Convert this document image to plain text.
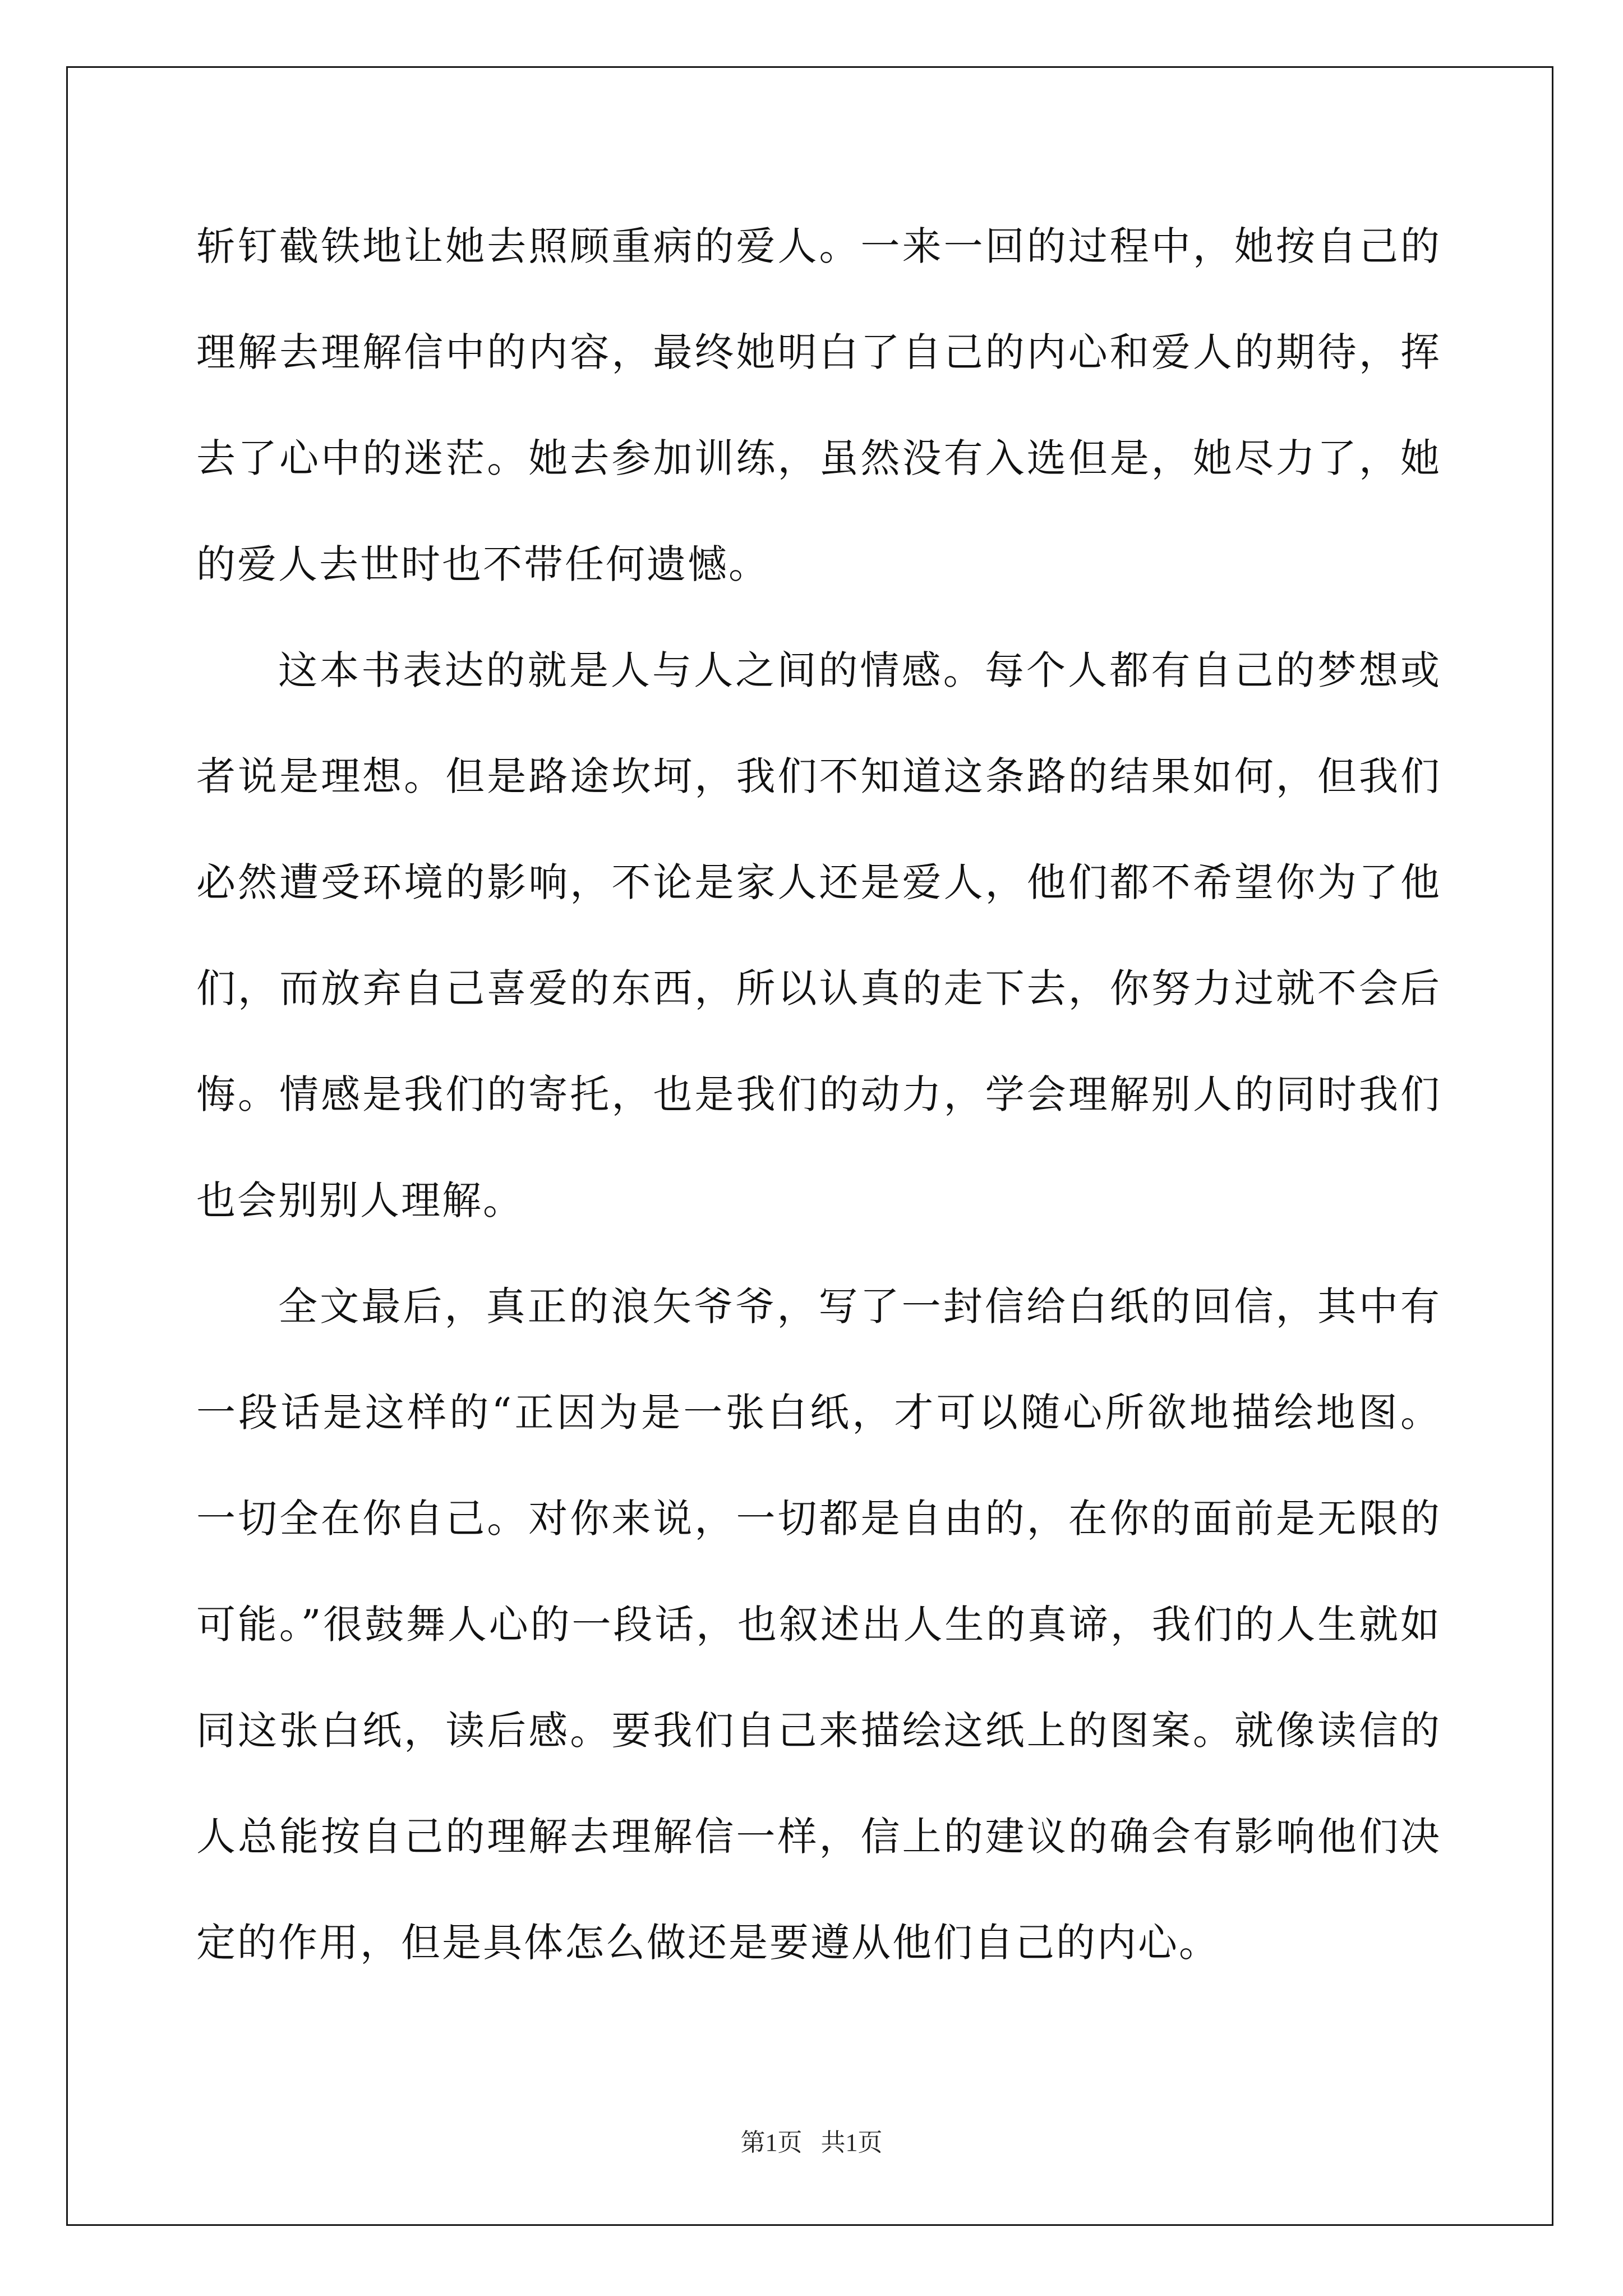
斩钉截铁地让她去照顾重病的爱人。一来一回的过程中，她按自己的理解去理解信中的内容，最终她明白了自己的内心和爱人的期待，挥去了心中的迷茫。她去参加训练，虽然没有入选但是，她尽力了，她的爱人去世时也不带任何遗憾。

这本书表达的就是人与人之间的情感。每个人都有自己的梦想或者说是理想。但是路途坎坷，我们不知道这条路的结果如何，但我们必然遭受环境的影响，不论是家人还是爱人，他们都不希望你为了他们，而放弃自己喜爱的东西，所以认真的走下去，你努力过就不会后悔。情感是我们的寄托，也是我们的动力，学会理解别人的同时我们也会别别人理解。

全文最后，真正的浪矢爷爷，写了一封信给白纸的回信，其中有一段话是这样的“正因为是一张白纸，才可以随心所欲地描绘地图。一切全在你自己。对你来说，一切都是自由的，在你的面前是无限的可能。”很鼓舞人心的一段话，也叙述出人生的真谛，我们的人生就如同这张白纸，读后感。要我们自己来描绘这纸上的图案。就像读信的人总能按自己的理解去理解信一样，信上的建议的确会有影响他们决定的作用，但是具体怎么做还是要遵从他们自己的内心。

第1页 共1页
